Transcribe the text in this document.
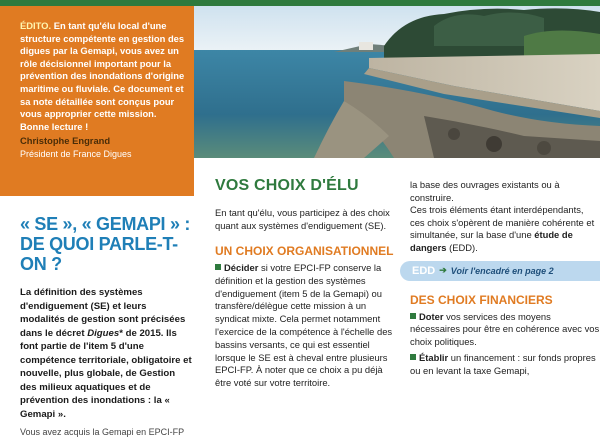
ÉDITO. En tant qu'élu local d'une structure compétente en gestion des digues par la Gemapi, vous avez un rôle décisionnel important pour la prévention des inondations d'origine maritime ou fluviale. Ce document et sa note détaillée sont conçus pour vous approprier cette mission.
Bonne lecture !
Christophe Engrand
Président de France Digues
« SE », « GEMAPI » : DE QUOI PARLE-T-ON ?
La définition des systèmes d'endiguement (SE) et leurs modalités de gestion sont précisées dans le décret Digues* de 2015. Ils font partie de l'item 5 d'une compétence territoriale, obligatoire et nouvelle, plus globale, de Gestion des milieux aquatiques et de prévention des inondations : la « Gemapi ».
Vous avez acquis la Gemapi en EPCI-FP
VOS CHOIX D'ÉLU
En tant qu'élu, vous participez à des choix quant aux systèmes d'endiguement (SE).
UN CHOIX ORGANISATIONNEL
Décider si votre EPCI-FP conserve la définition et la gestion des systèmes d'endiguement (item 5 de la Gemapi) ou transfère/délègue cette mission à un syndicat mixte. Cela permet notamment l'exercice de la compétence à l'échelle des bassins versants, ce qui est essentiel lorsque le SE est à cheval entre plusieurs EPCI-FP. À noter que ce choix a pu déjà être voté sur votre territoire.
la base des ouvrages existants ou à construire.
Ces trois éléments étant interdépendants, ces choix s'opèrent de manière cohérente et simultanée, sur la base d'une étude de dangers (EDD).
EDD ➔ Voir l'encadré en page 2
DES CHOIX FINANCIERS
Doter vos services des moyens nécessaires pour être en cohérence avec vos choix politiques.
Établir un financement : sur fonds propres ou en levant la taxe Gemapi,
